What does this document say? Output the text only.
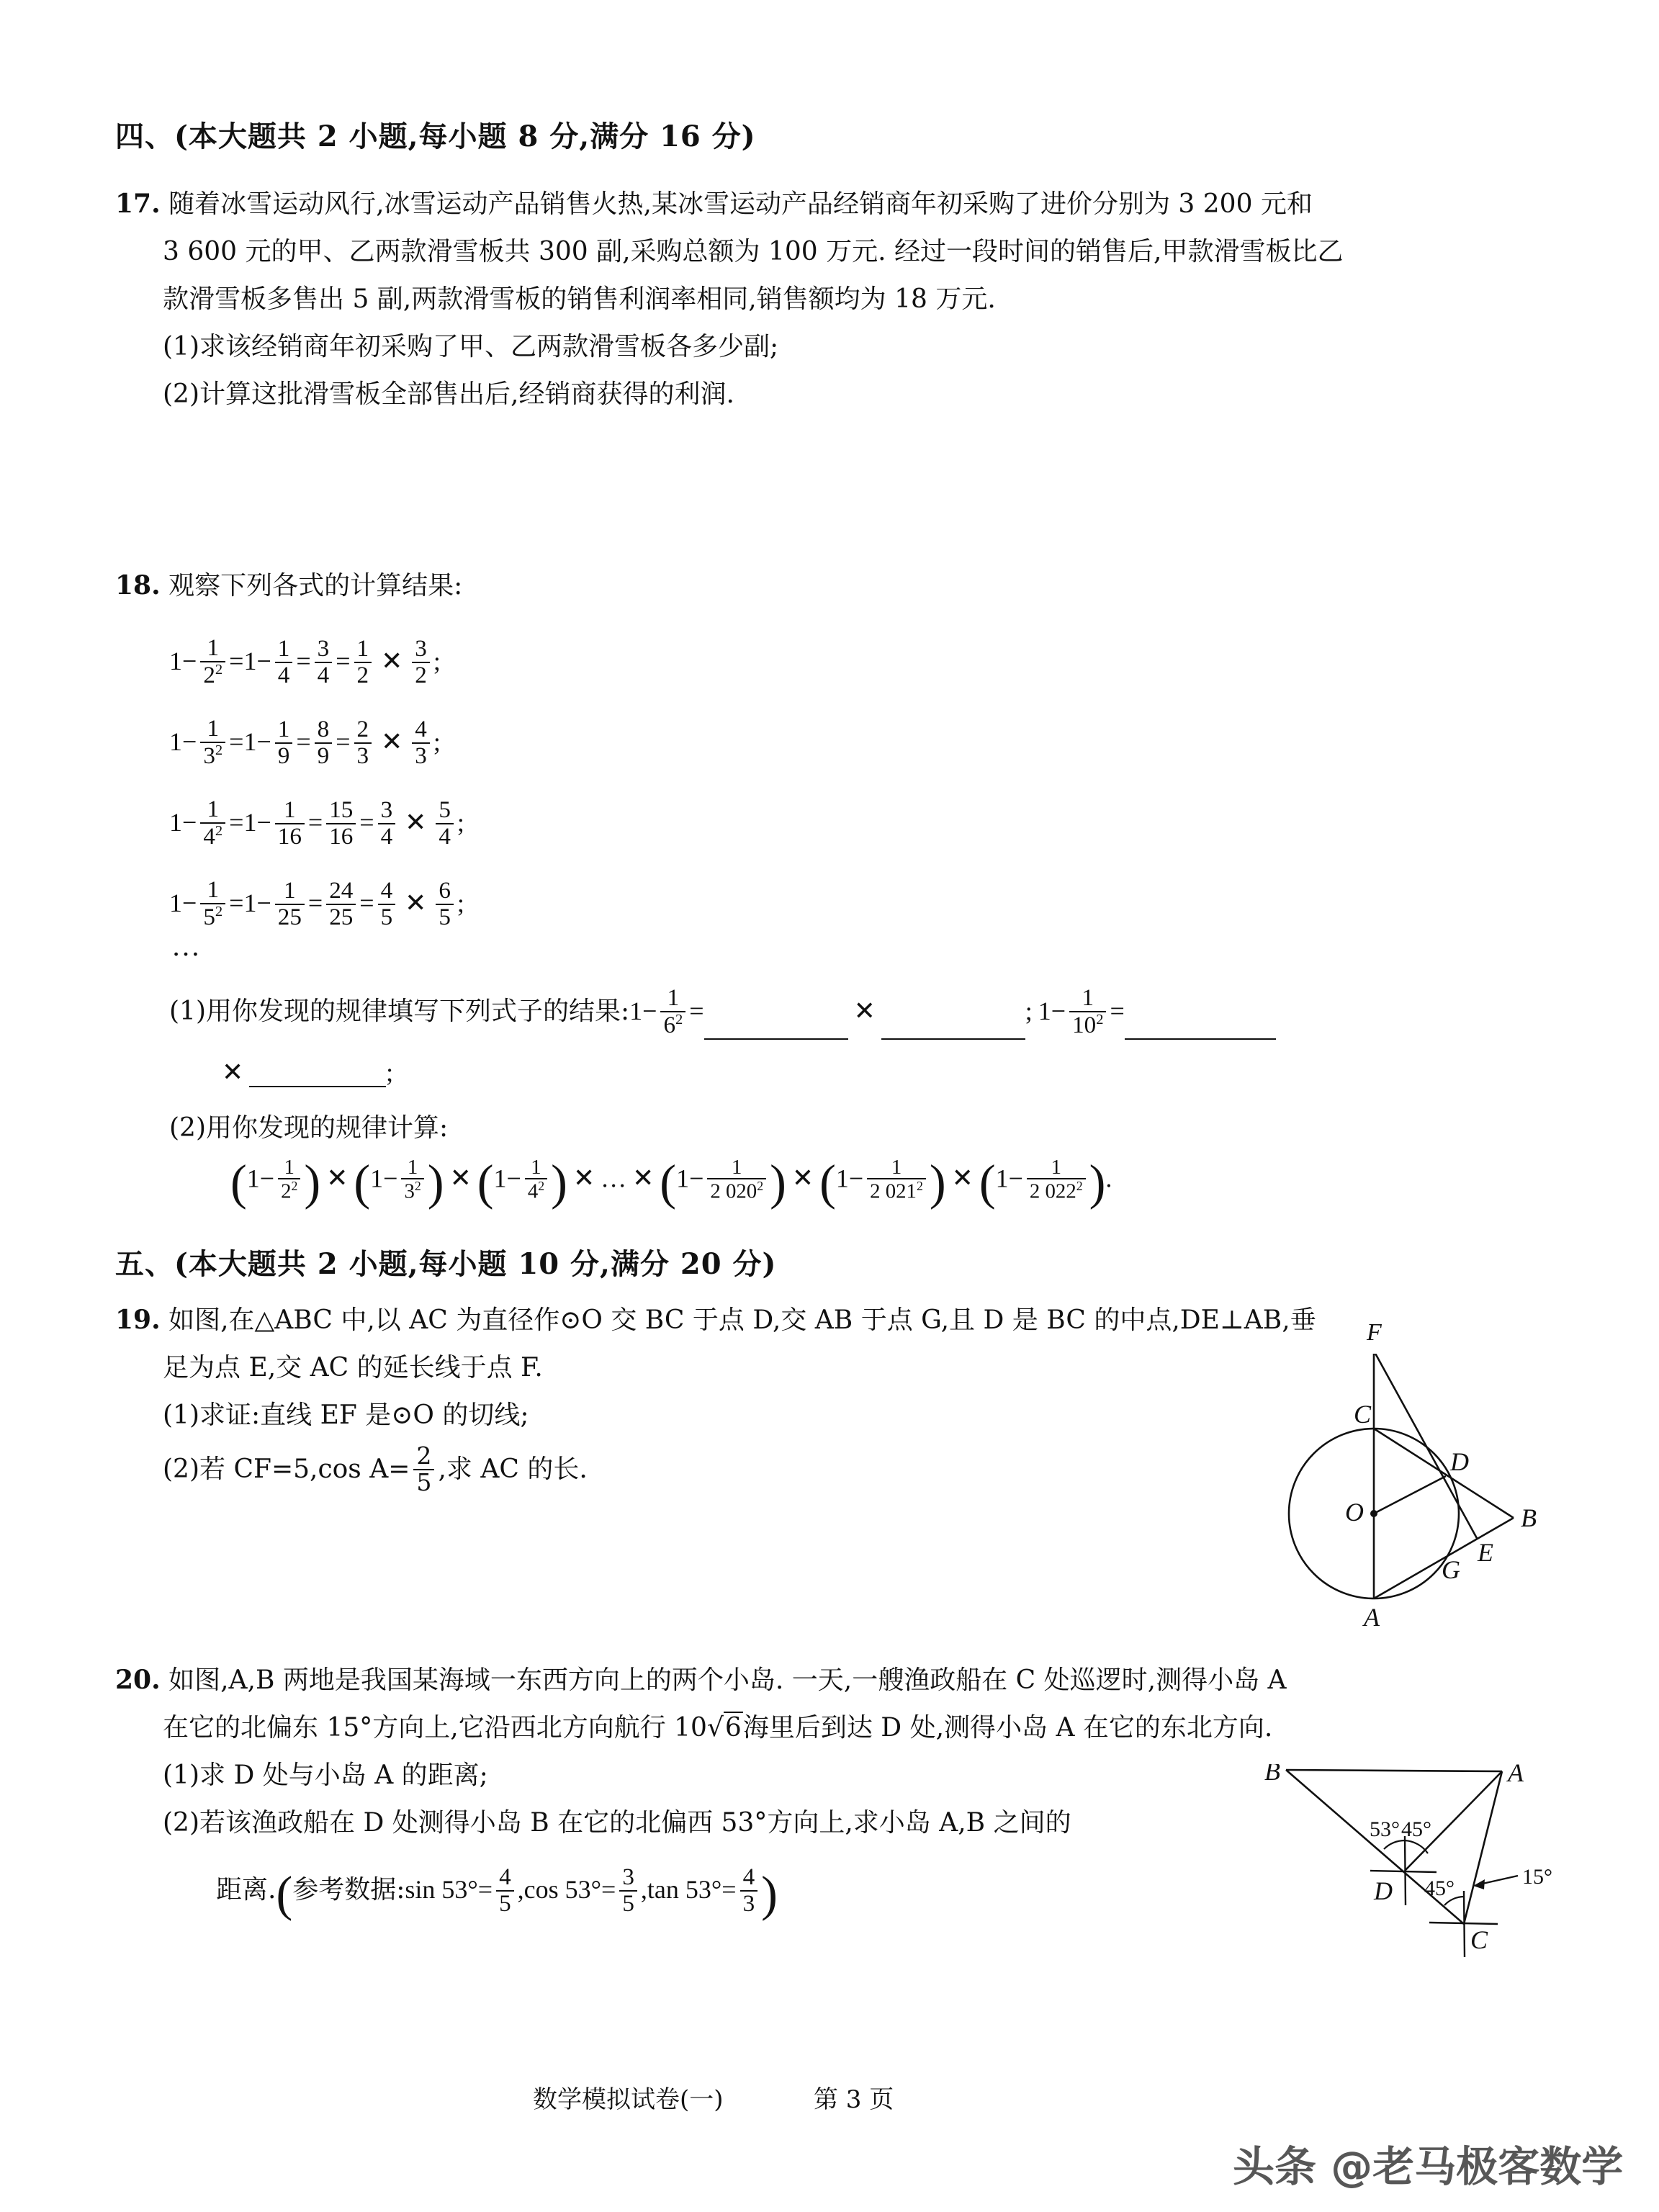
四、(本大题共 2 小题,每小题 8 分,满分 16 分)
17. 随着冰雪运动风行,冰雪运动产品销售火热,某冰雪运动产品经销商年初采购了进价分别为 3 200 元和
3 600 元的甲、乙两款滑雪板共 300 副,采购总额为 100 万元. 经过一段时间的销售后,甲款滑雪板比乙
款滑雪板多售出 5 副,两款滑雪板的销售利润率相同,销售额均为 18 万元.
(1)求该经销商年初采购了甲、乙两款滑雪板各多少副;
(2)计算这批滑雪板全部售出后,经销商获得的利润.
18. 观察下列各式的计算结果:
$1- \frac{1}{2^2} =1- \frac{1}{4} = \frac{3}{4} = \frac{1}{2}$ ✕ $\frac{3}{2}$ ;
$1- \frac{1}{3^2} =1- \frac{1}{9} = \frac{8}{9} = \frac{2}{3}$ ✕ $\frac{4}{3}$ ;
$1- \frac{1}{4^2} =1- \frac{1}{16} = \frac{15}{16} = \frac{3}{4}$ ✕ $\frac{5}{4}$ ;
$1- \frac{1}{5^2} =1- \frac{1}{25} = \frac{24}{25} = \frac{4}{5}$ ✕ $\frac{6}{5}$ ;
…
(1)用你发现的规律填写下列式子的结果:1− $\frac{1}{6^2}$ =	✕	; $1- \frac{1}{10^2}$ =
✕	;
(2)用你发现的规律计算:
($1- \frac{1}{2^2}$ ) ✕ ($1- \frac{1}{3^2}$ ) ✕ ($1- \frac{1}{4^2}$ ) ✕ … ✕ ($1- \frac{1}{2 020^2}$ ) ✕ ($1- \frac{1}{2 021^2}$ ) ✕ ($1- \frac{1}{2 022^2}$ ).
五、(本大题共 2 小题,每小题 10 分,满分 20 分)
19. 如图,在△ABC 中,以 AC 为直径作⊙O 交 BC 于点 D,交 AB 于点 G,且 D 是 BC 的中点,DE⊥AB,垂
足为点 E,交 AC 的延长线于点 F.
(1)求证:直线 EF 是⊙O 的切线;
(2)若 CF=5,cos $A= \frac{2}{5}$ ,求 AC 的长.
C
D
O	B
E
G
A
F
20. 如图,A,B 两地是我国某海域一东西方向上的两个小岛. 一天,一艘渔政船在 C 处巡逻时,测得小岛 A
在它的北偏东 15°方向上,它沿西北方向航行 10√6海里后到达 D 处,测得小岛 A 在它的东北方向.
(1)求 D 处与小岛 A 的距离;
(2)若该渔政船在 D 处测得小岛 B 在它的北偏西 53°方向上,求小岛 A,B 之间的
距离.(参考数据:sin $53^\circ= \frac{4}{5} ,\cos$ $53^\circ= \frac{3}{5} ,\tan$ $53^\circ= \frac{4}{3}$ )
B	A
D
C
53° 45°
45°	15°
数学模拟试卷(一)	第 3 页
头条 @老马极客数学
